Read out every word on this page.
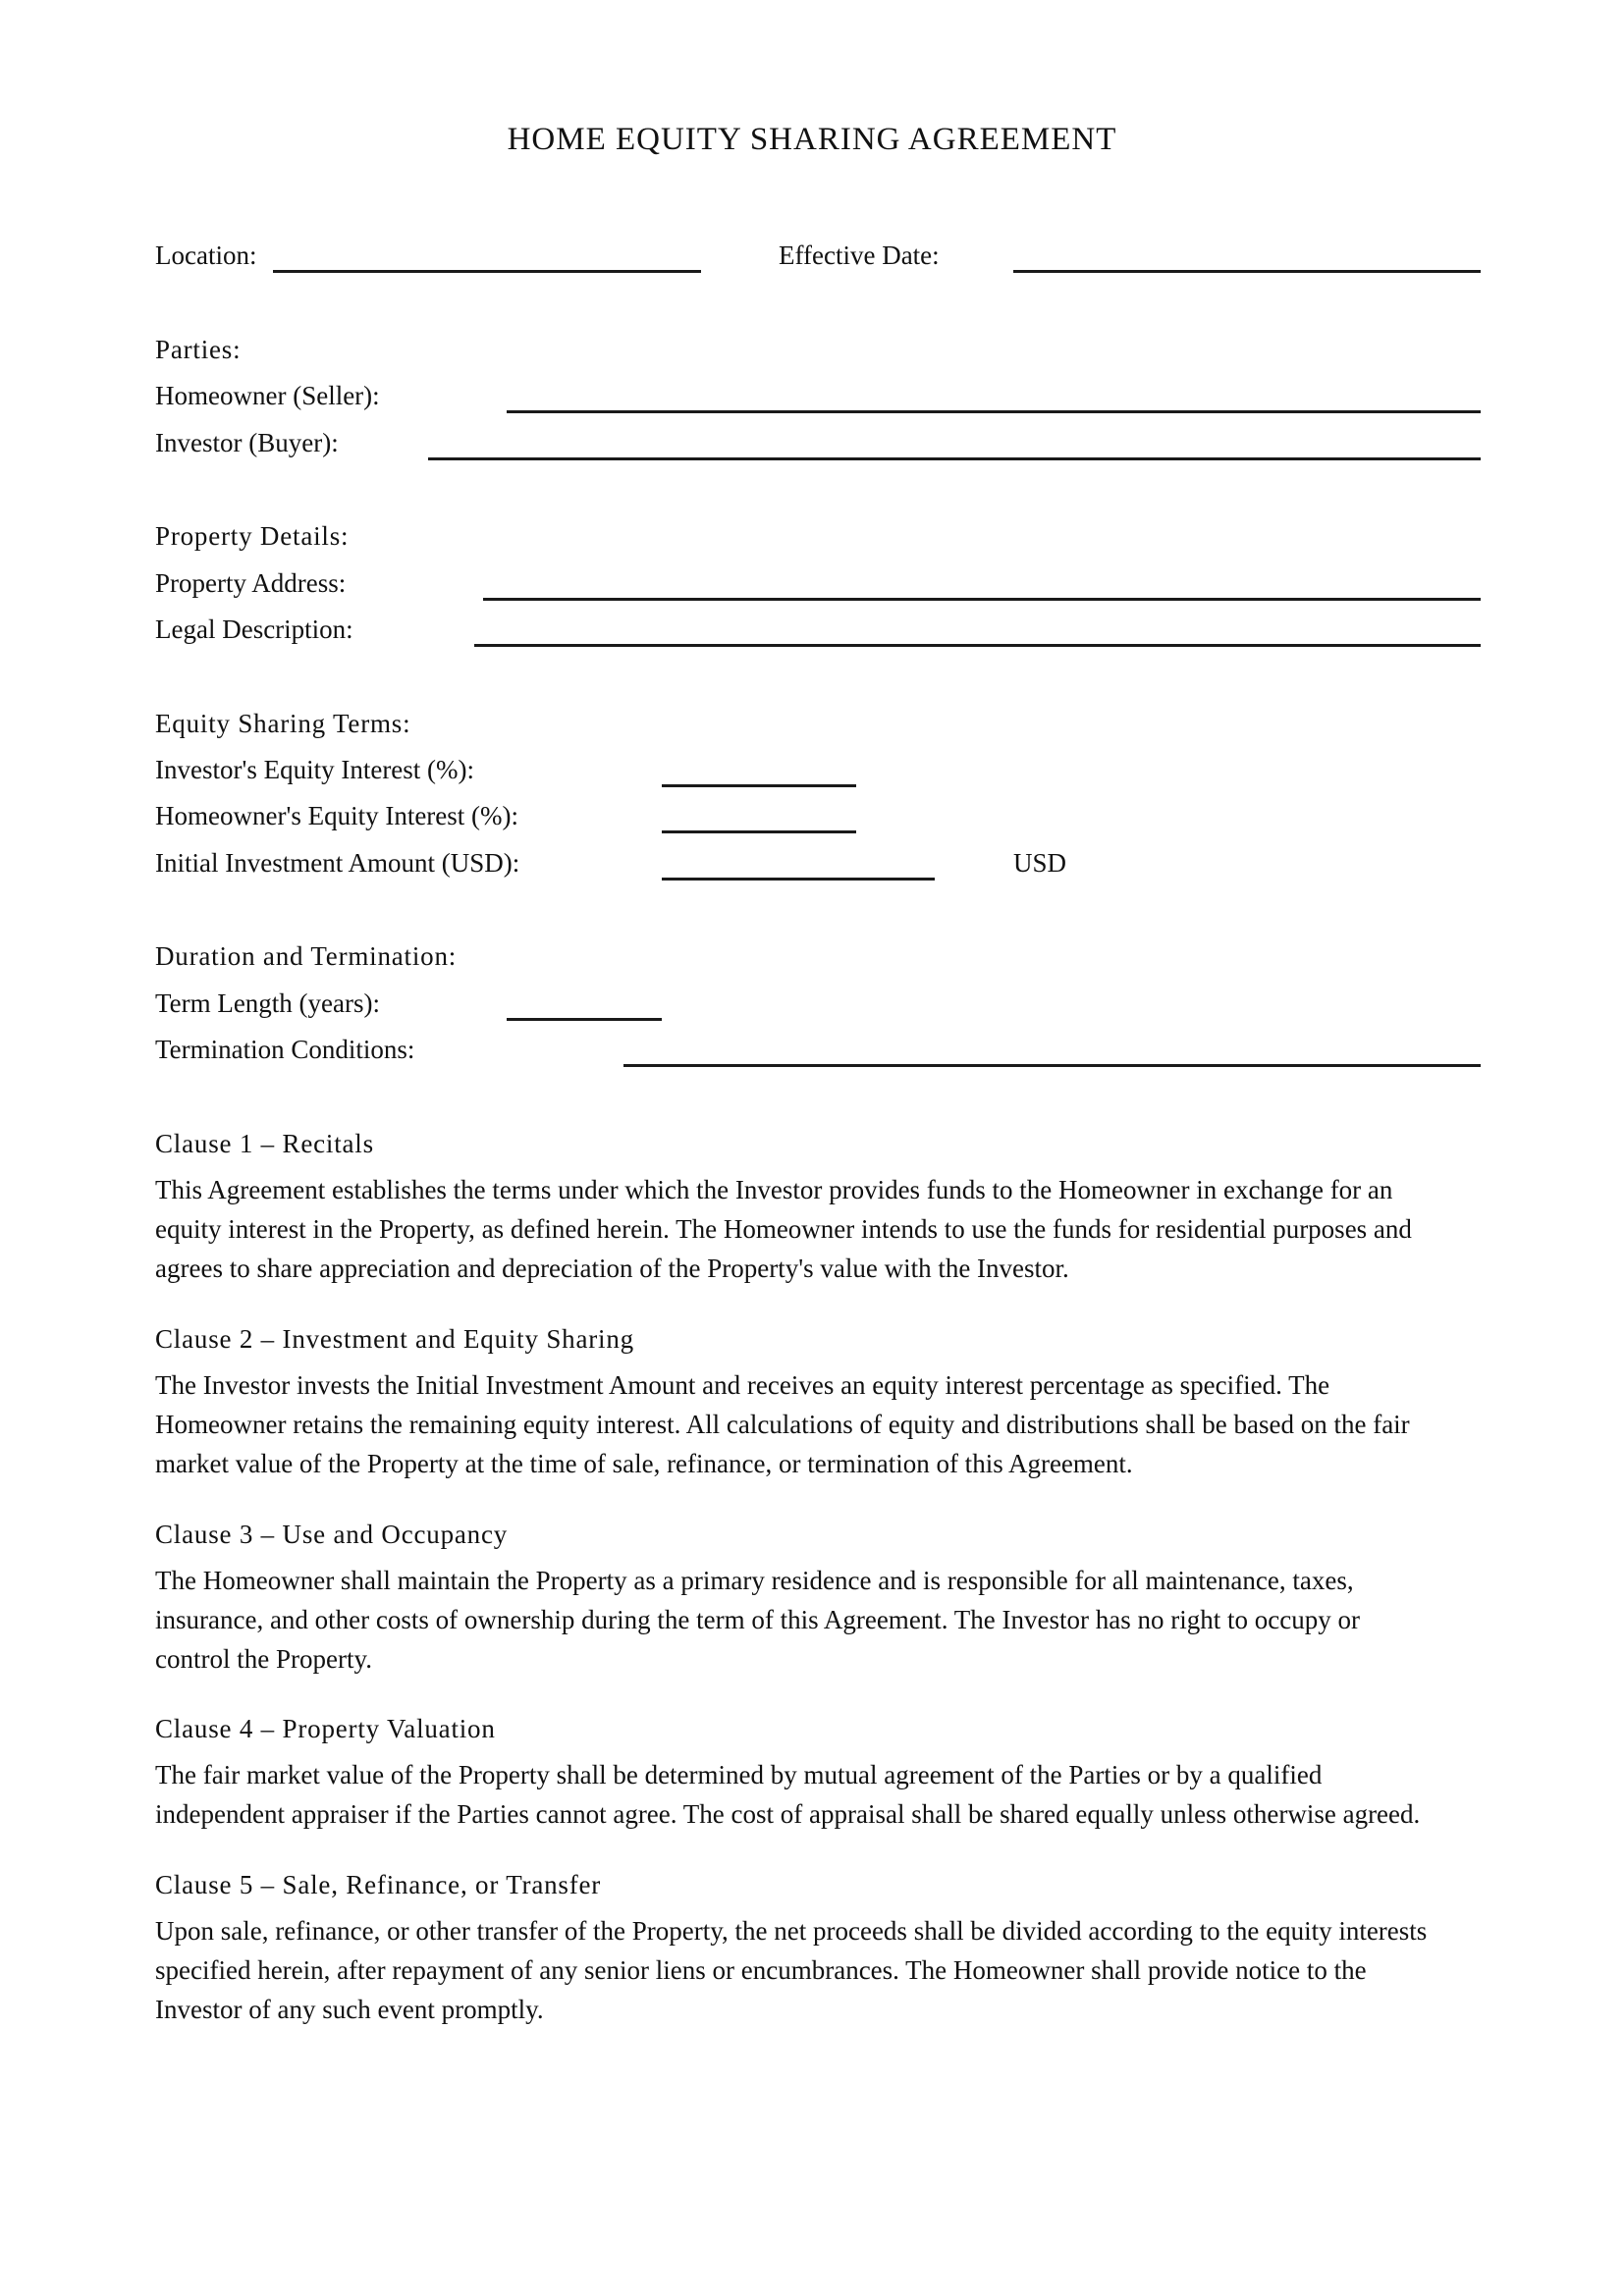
HOME EQUITY SHARING AGREEMENT
Location:	Effective Date:
Parties:
Homeowner (Seller):
Investor (Buyer):
Property Details:
Property Address:
Legal Description:
Equity Sharing Terms:
Investor's Equity Interest (%):
Homeowner's Equity Interest (%):
Initial Investment Amount (USD):	USD
Duration and Termination:
Term Length (years):
Termination Conditions:
Clause 1 – Recitals
This Agreement establishes the terms under which the Investor provides funds to the Homeowner in exchange for an
equity interest in the Property, as defined herein. The Homeowner intends to use the funds for residential purposes and
agrees to share appreciation and depreciation of the Property's value with the Investor.
Clause 2 – Investment and Equity Sharing
The Investor invests the Initial Investment Amount and receives an equity interest percentage as specified. The
Homeowner retains the remaining equity interest. All calculations of equity and distributions shall be based on the fair
market value of the Property at the time of sale, refinance, or termination of this Agreement.
Clause 3 – Use and Occupancy
The Homeowner shall maintain the Property as a primary residence and is responsible for all maintenance, taxes,
insurance, and other costs of ownership during the term of this Agreement. The Investor has no right to occupy or
control the Property.
Clause 4 – Property Valuation
The fair market value of the Property shall be determined by mutual agreement of the Parties or by a qualified
independent appraiser if the Parties cannot agree. The cost of appraisal shall be shared equally unless otherwise agreed.
Clause 5 – Sale, Refinance, or Transfer
Upon sale, refinance, or other transfer of the Property, the net proceeds shall be divided according to the equity interests
specified herein, after repayment of any senior liens or encumbrances. The Homeowner shall provide notice to the
Investor of any such event promptly.
